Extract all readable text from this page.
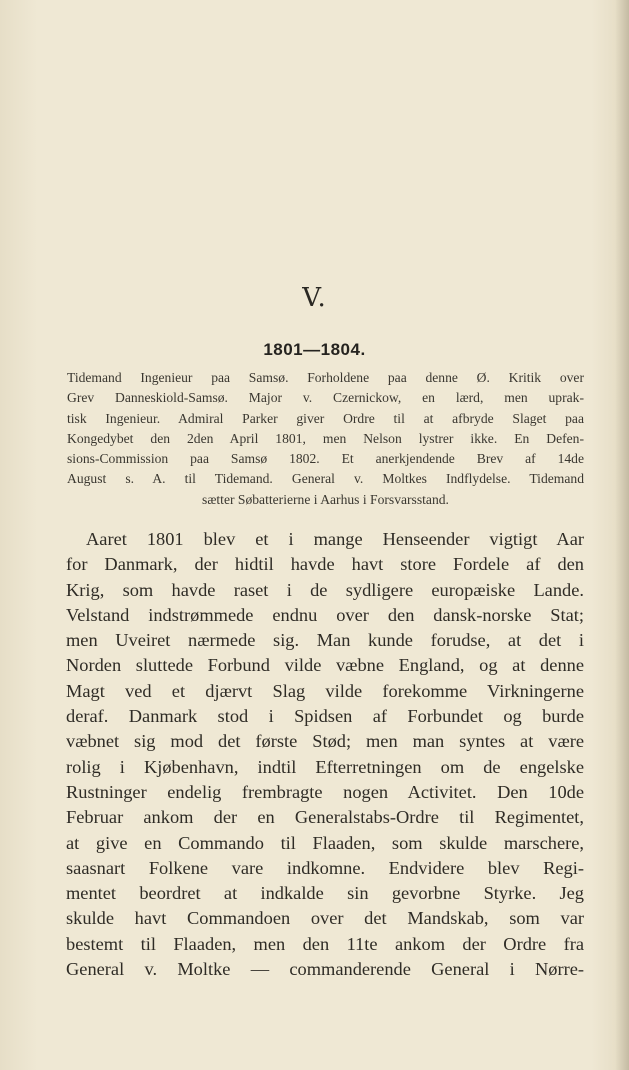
V.
1801—1804.
Tidemand Ingenieur paa Samsø. Forholdene paa denne Ø. Kritik over
Grev Danneskiold-Samsø. Major v. Czernickow, en lærd, men uprak-
tisk Ingenieur. Admiral Parker giver Ordre til at afbryde Slaget paa
Kongedybet den 2den April 1801, men Nelson lystrer ikke. En Defen-
sions-Commission paa Samsø 1802. Et anerkjendende Brev af 14de
August s. A. til Tidemand. General v. Moltkes Indflydelse. Tidemand
sætter Søbatterierne i Aarhus i Forsvarsstand.
Aaret 1801 blev et i mange Henseender vigtigt Aar
for Danmark, der hidtil havde havt store Fordele af den
Krig, som havde raset i de sydligere europæiske Lande.
Velstand indstrømmede endnu over den dansk-norske Stat;
men Uveiret nærmede sig. Man kunde forudse, at det i
Norden sluttede Forbund vilde væbne England, og at denne
Magt ved et djærvt Slag vilde forekomme Virkningerne
deraf. Danmark stod i Spidsen af Forbundet og burde
væbnet sig mod det første Stød; men man syntes at være
rolig i Kjøbenhavn, indtil Efterretningen om de engelske
Rustninger endelig frembragte nogen Activitet. Den 10de
Februar ankom der en Generalstabs-Ordre til Regimentet,
at give en Commando til Flaaden, som skulde marschere,
saasnart Folkene vare indkomne. Endvidere blev Regi-
mentet beordret at indkalde sin gevorbne Styrke. Jeg
skulde havt Commandoen over det Mandskab, som var
bestemt til Flaaden, men den 11te ankom der Ordre fra
General v. Moltke — commanderende General i Nørre-
